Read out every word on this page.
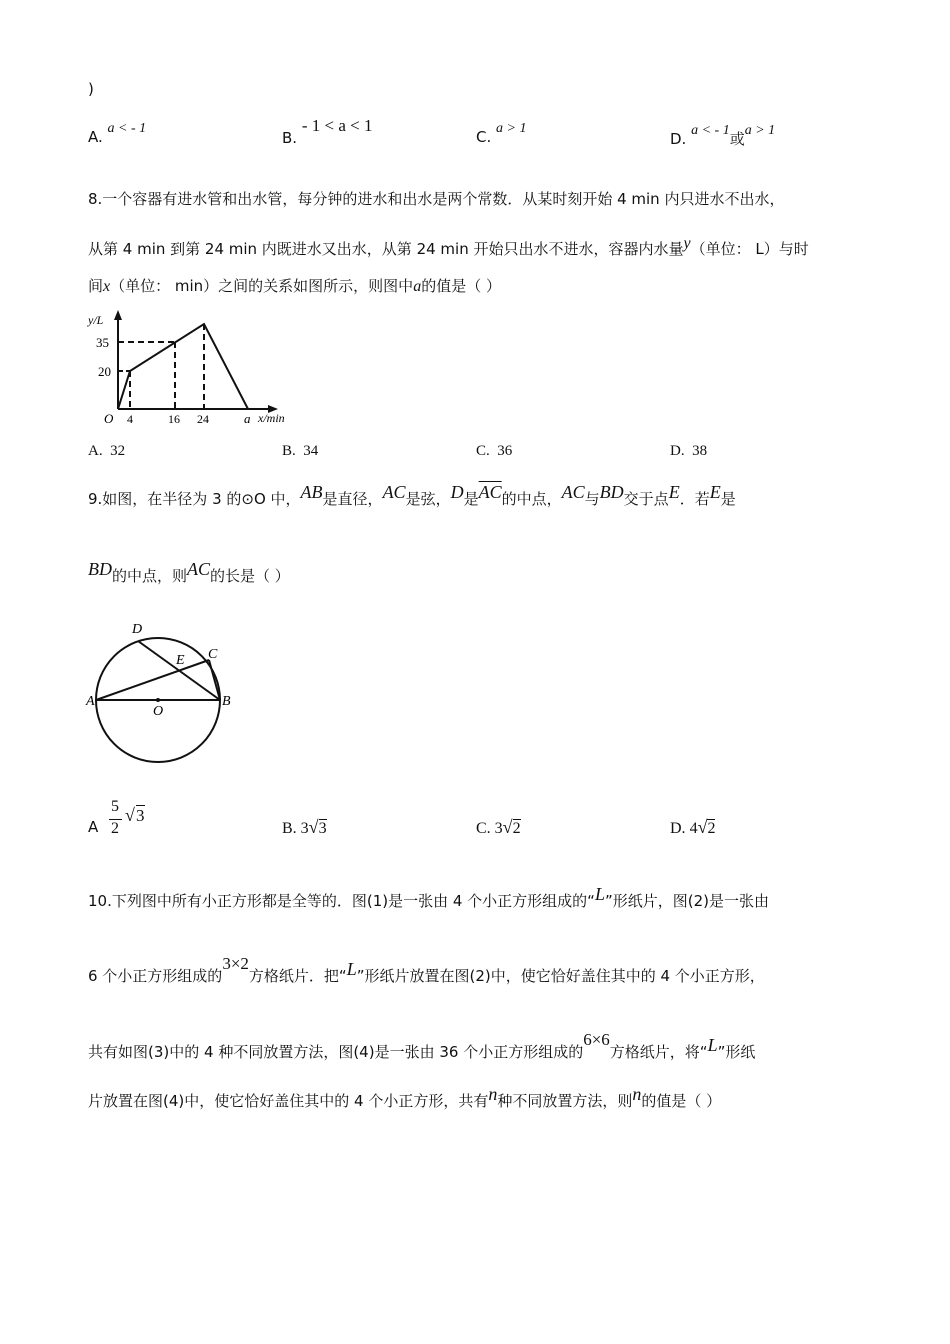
)
A. a < - 1
B. - 1 < a < 1
C. a > 1
D. a < - 1或a > 1
8.一个容器有进水管和出水管，每分钟的进水和出水是两个常数．从某时刻开始 4 min 内只进水不出水，
从第 4 min 到第 24 min 内既进水又出水，从第 24 min 开始只出水不进水，容器内水量y（单位： L）与时
间x（单位： min）之间的关系如图所示，则图中a的值是（ ）
y/L
35
20
O 4	16 24	a x/min
A. 32	B. 34	C. 36	D. 38
9.如图，在半径为 3 的⊙O 中，AB是直径，AC是弦，D是$\overline{AC}$的中点，AC与BD交于点E．若E是
BD的中点，则AC的长是（ ）
D
E C
A
O
B
A
5
2
√ 3
B. 3√3	C. 3√2	D. 4√2
10.下列图中所有小正方形都是全等的．图(1)是一张由 4 个小正方形组成的“L”形纸片，图(2)是一张由
6 个小正方形组成的3×2方格纸片．把“L”形纸片放置在图(2)中，使它恰好盖住其中的 4 个小正方形，
共有如图(3)中的 4 种不同放置方法，图(4)是一张由 36 个小正方形组成的6×6方格纸片，将“L”形纸
片放置在图(4)中，使它恰好盖住其中的 4 个小正方形，共有n种不同放置方法，则n的值是（ ）
